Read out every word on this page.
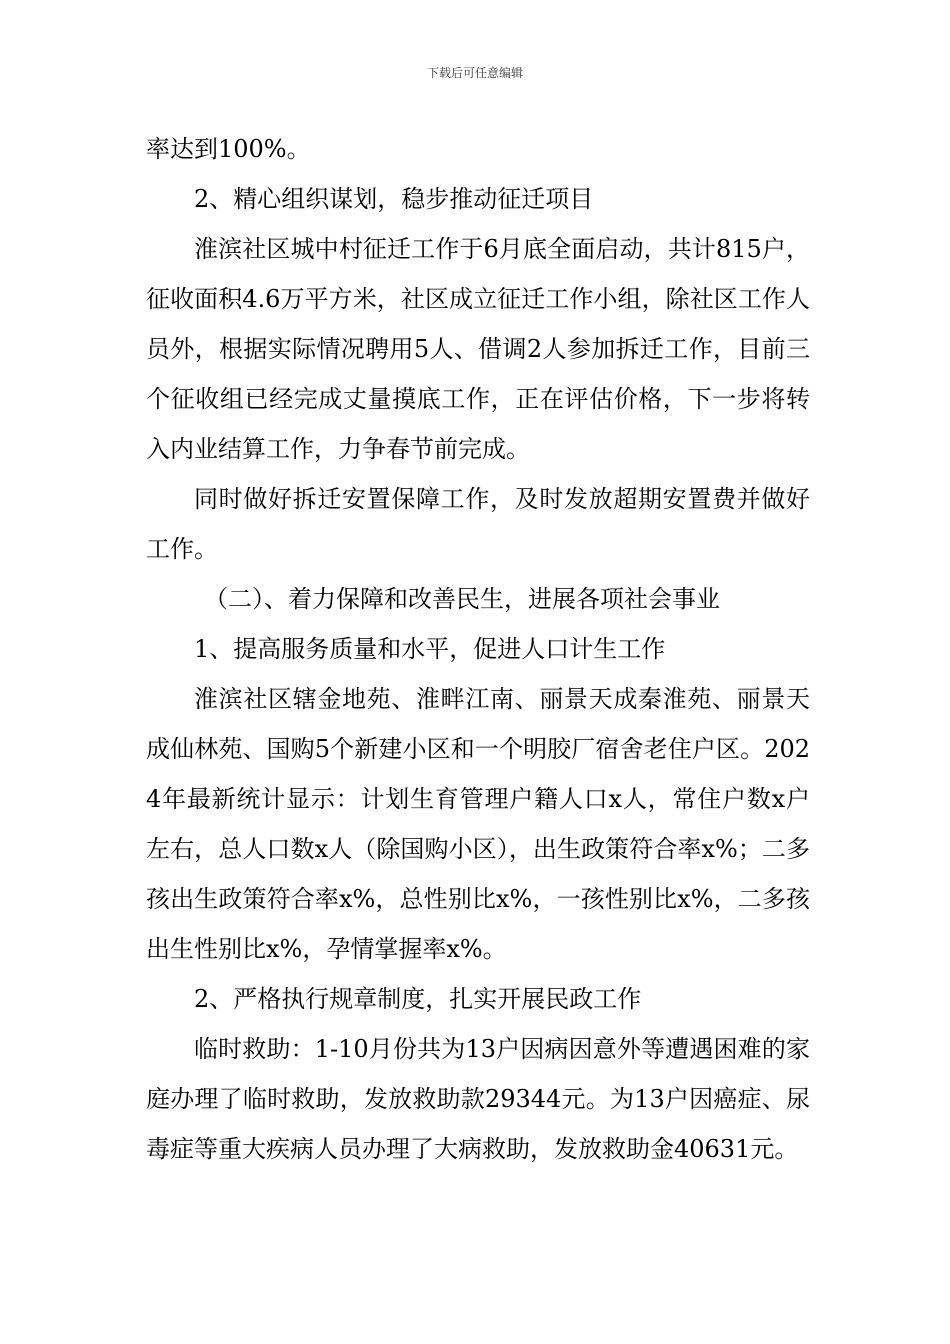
下载后可任意编辑

率达到100%。

2、精心组织谋划，稳步推动征迁项目

淮滨社区城中村征迁工作于6月底全面启动，共计815户，征收面积4.6万平方米，社区成立征迁工作小组，除社区工作人员外，根据实际情况聘用5人、借调2人参加拆迁工作，目前三个征收组已经完成丈量摸底工作，正在评估价格，下一步将转入内业结算工作，力争春节前完成。

同时做好拆迁安置保障工作，及时发放超期安置费并做好工作。

（二）、着力保障和改善民生，进展各项社会事业

1、提高服务质量和水平，促进人口计生工作

淮滨社区辖金地苑、淮畔江南、丽景天成秦淮苑、丽景天成仙林苑、国购5个新建小区和一个明胶厂宿舍老住户区。2024年最新统计显示：计划生育管理户籍人口x人，常住户数x户左右，总人口数x人（除国购小区），出生政策符合率x%；二多孩出生政策符合率x%，总性别比x%，一孩性别比x%，二多孩出生性别比x%，孕情掌握率x%。

2、严格执行规章制度，扎实开展民政工作

临时救助：1-10月份共为13户因病因意外等遭遇困难的家庭办理了临时救助，发放救助款29344元。为13户因癌症、尿毒症等重大疾病人员办理了大病救助，发放救助金40631元。
